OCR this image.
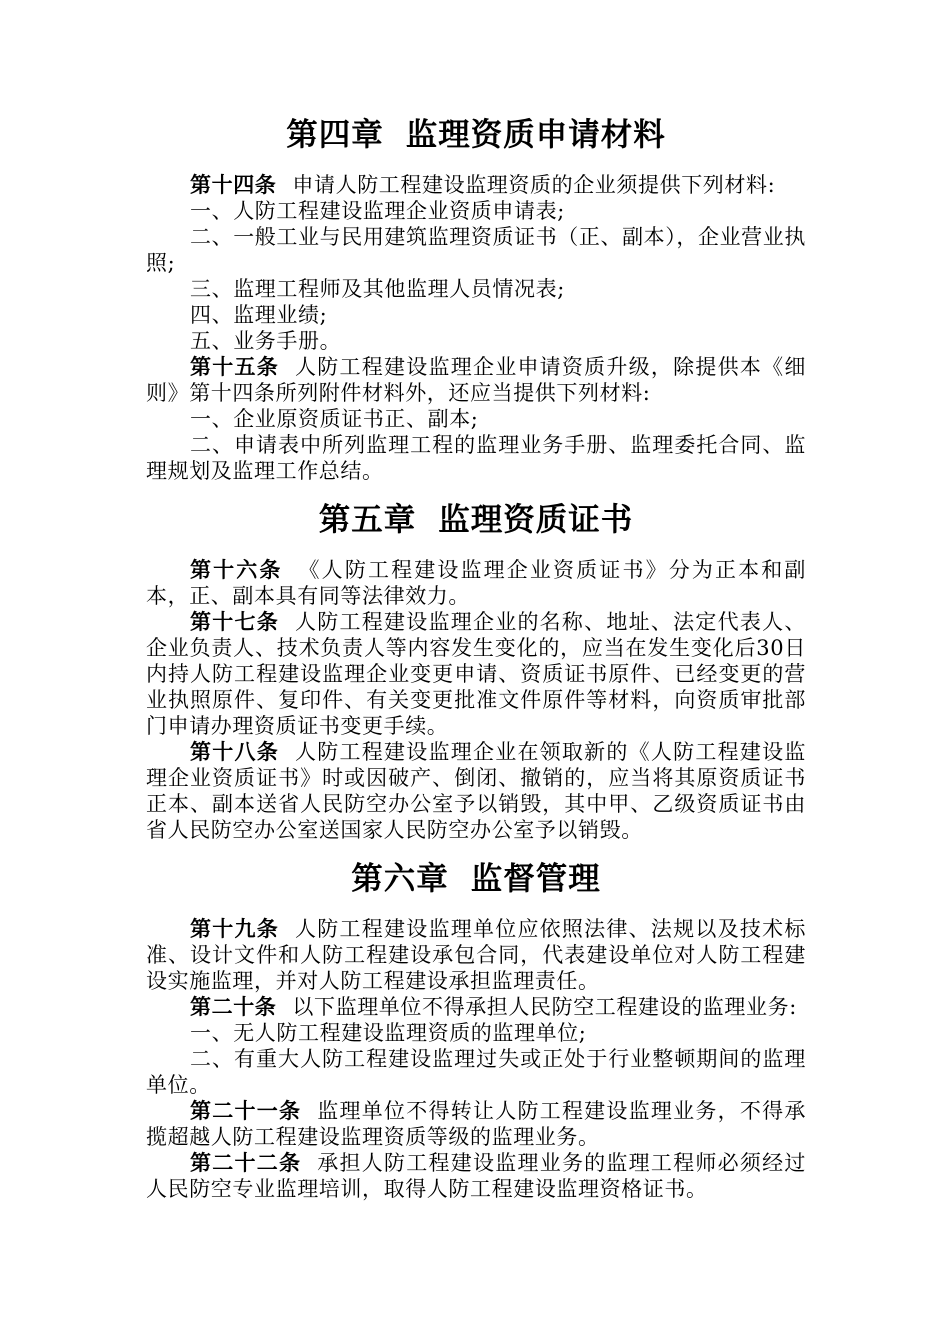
第四章 监理资质申请材料

第十四条 申请人防工程建设监理资质的企业须提供下列材料:

一、人防工程建设监理企业资质申请表;

二、一般工业与民用建筑监理资质证书（正、副本），企业营业执照;

三、监理工程师及其他监理人员情况表;

四、监理业绩;

五、业务手册。

第十五条 人防工程建设监理企业申请资质升级，除提供本《细则》第十四条所列附件材料外，还应当提供下列材料:

一、企业原资质证书正、副本;

二、申请表中所列监理工程的监理业务手册、监理委托合同、监理规划及监理工作总结。

第五章 监理资质证书

第十六条 《人防工程建设监理企业资质证书》分为正本和副本，正、副本具有同等法律效力。

第十七条 人防工程建设监理企业的名称、地址、法定代表人、企业负责人、技术负责人等内容发生变化的，应当在发生变化后30日内持人防工程建设监理企业变更申请、资质证书原件、已经变更的营业执照原件、复印件、有关变更批准文件原件等材料，向资质审批部门申请办理资质证书变更手续。

第十八条 人防工程建设监理企业在领取新的《人防工程建设监理企业资质证书》时或因破产、倒闭、撤销的，应当将其原资质证书正本、副本送省人民防空办公室予以销毁，其中甲、乙级资质证书由省人民防空办公室送国家人民防空办公室予以销毁。

第六章 监督管理

第十九条 人防工程建设监理单位应依照法律、法规以及技术标准、设计文件和人防工程建设承包合同，代表建设单位对人防工程建设实施监理，并对人防工程建设承担监理责任。

第二十条 以下监理单位不得承担人民防空工程建设的监理业务:

一、无人防工程建设监理资质的监理单位;

二、有重大人防工程建设监理过失或正处于行业整顿期间的监理单位。

第二十一条 监理单位不得转让人防工程建设监理业务，不得承揽超越人防工程建设监理资质等级的监理业务。

第二十二条 承担人防工程建设监理业务的监理工程师必须经过人民防空专业监理培训，取得人防工程建设监理资格证书。
